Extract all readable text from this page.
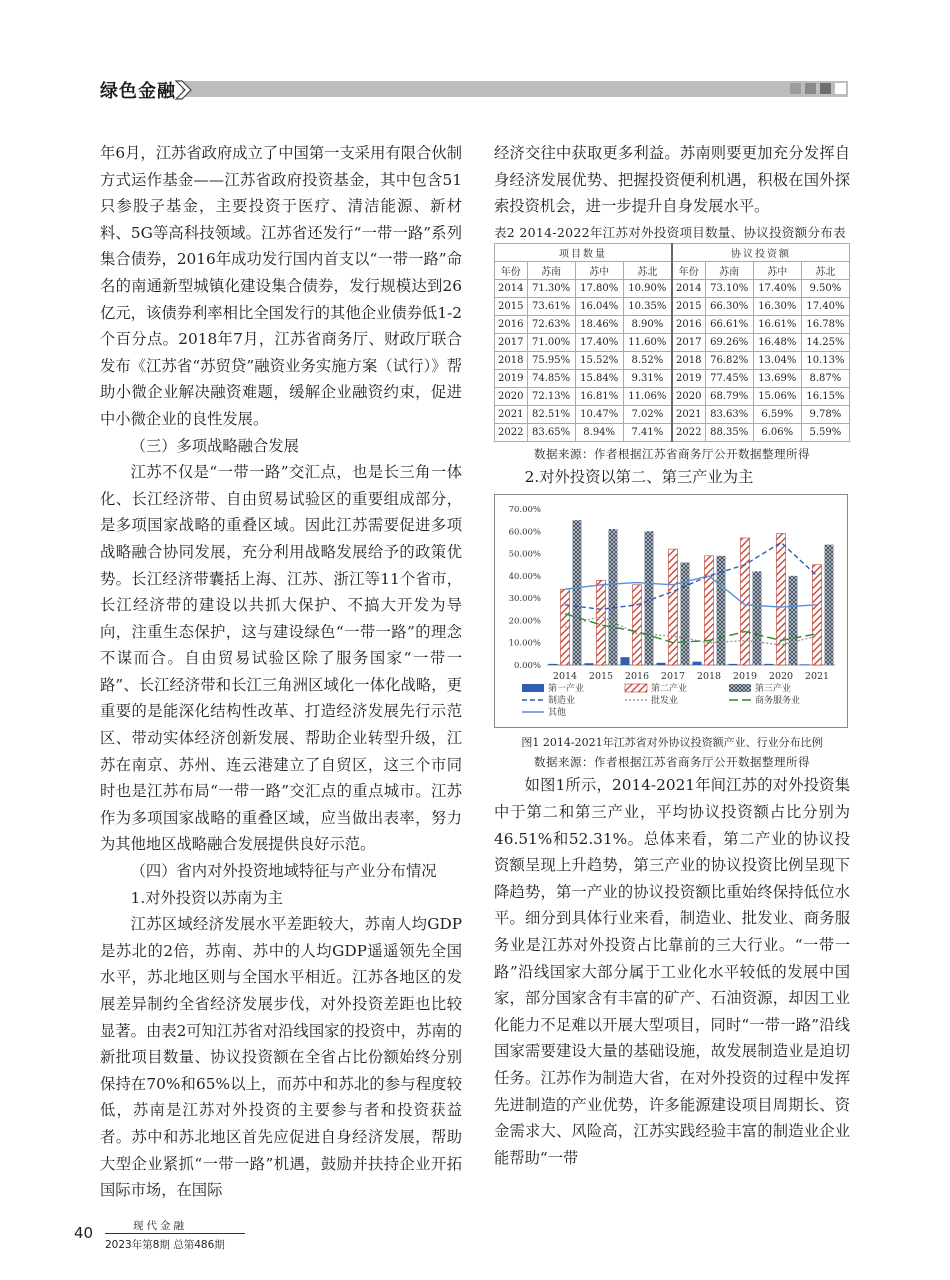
绿色金融

年6月，江苏省政府成立了中国第一支采用有限合伙制方式运作基金——江苏省政府投资基金，其中包含51只参股子基金，主要投资于医疗、清洁能源、新材料、5G等高科技领域。江苏省还发行“一带一路”系列集合债券，2016年成功发行国内首支以“一带一路”命名的南通新型城镇化建设集合债券，发行规模达到26亿元，该债券利率相比全国发行的其他企业债券低1-2个百分点。2018年7月，江苏省商务厅、财政厅联合发布《江苏省“苏贸贷”融资业务实施方案（试行）》帮助小微企业解决融资难题，缓解企业融资约束，促进中小微企业的良性发展。

（三）多项战略融合发展

江苏不仅是“一带一路”交汇点，也是长三角一体化、长江经济带、自由贸易试验区的重要组成部分，是多项国家战略的重叠区域。因此江苏需要促进多项战略融合协同发展，充分利用战略发展给予的政策优势。长江经济带囊括上海、江苏、浙江等11个省市，长江经济带的建设以共抓大保护、不搞大开发为导向，注重生态保护，这与建设绿色“一带一路”的理念不谋而合。自由贸易试验区除了服务国家“一带一路”、长江经济带和长江三角洲区域化一体化战略，更重要的是能深化结构性改革、打造经济发展先行示范区、带动实体经济创新发展、帮助企业转型升级，江苏在南京、苏州、连云港建立了自贸区，这三个市同时也是江苏布局“一带一路”交汇点的重点城市。江苏作为多项国家战略的重叠区域，应当做出表率，努力为其他地区战略融合发展提供良好示范。

（四）省内对外投资地域特征与产业分布情况

1.对外投资以苏南为主

江苏区域经济发展水平差距较大，苏南人均GDP是苏北的2倍，苏南、苏中的人均GDP遥遥领先全国水平，苏北地区则与全国水平相近。江苏各地区的发展差异制约全省经济发展步伐，对外投资差距也比较显著。由表2可知江苏省对沿线国家的投资中，苏南的新批项目数量、协议投资额在全省占比份额始终分别保持在70%和65%以上，而苏中和苏北的参与程度较低，苏南是江苏对外投资的主要参与者和投资获益者。苏中和苏北地区首先应促进自身经济发展，帮助大型企业紧抓“一带一路”机遇，鼓励并扶持企业开拓国际市场，在国际

经济交往中获取更多利益。苏南则要更加充分发挥自身经济发展优势、把握投资便利机遇，积极在国外探索投资机会，进一步提升自身发展水平。

表2 2014-2022年江苏对外投资项目数量、协议投资额分布表
项目数量				协议投资额			
年份	苏南	苏中	苏北	年份	苏南	苏中	苏北
2014	71.30%	17.80%	10.90%	2014	73.10%	17.40%	9.50%
2015	73.61%	16.04%	10.35%	2015	66.30%	16.30%	17.40%
2016	72.63%	18.46%	8.90%	2016	66.61%	16.61%	16.78%
2017	71.00%	17.40%	11.60%	2017	69.26%	16.48%	14.25%
2018	75.95%	15.52%	8.52%	2018	76.82%	13.04%	10.13%
2019	74.85%	15.84%	9.31%	2019	77.45%	13.69%	8.87%
2020	72.13%	16.81%	11.06%	2020	68.79%	15.06%	16.15%
2021	82.51%	10.47%	7.02%	2021	83.63%	6.59%	9.78%
2022	83.65%	8.94%	7.41%	2022	88.35%	6.06%	5.59%
数据来源：作者根据江苏省商务厅公开数据整理所得

2.对外投资以第二、第三产业为主

0.00%
10.00%
20.00%
30.00%
40.00%
50.00%
60.00%
70.00%
2014 2015 2016 2017 2018 2019 2020 2021
第一产业	第二产业	第三产业
制造业	批发业	商务服务业
其他
图1 2014-2021年江苏省对外协议投资额产业、行业分布比例
数据来源：作者根据江苏省商务厅公开数据整理所得

如图1所示，2014-2021年间江苏的对外投资集中于第二和第三产业，平均协议投资额占比分别为46.51%和52.31%。总体来看，第二产业的协议投资额呈现上升趋势，第三产业的协议投资比例呈现下降趋势，第一产业的协议投资额比重始终保持低位水平。细分到具体行业来看，制造业、批发业、商务服务业是江苏对外投资占比靠前的三大行业。“一带一路”沿线国家大部分属于工业化水平较低的发展中国家，部分国家含有丰富的矿产、石油资源，却因工业化能力不足难以开展大型项目，同时“一带一路”沿线国家需要建设大量的基础设施，故发展制造业是迫切任务。江苏作为制造大省，在对外投资的过程中发挥先进制造的产业优势，许多能源建设项目周期长、资金需求大、风险高，江苏实践经验丰富的制造业企业能帮助“一带

40	现代金融
2023年第8期 总第486期
